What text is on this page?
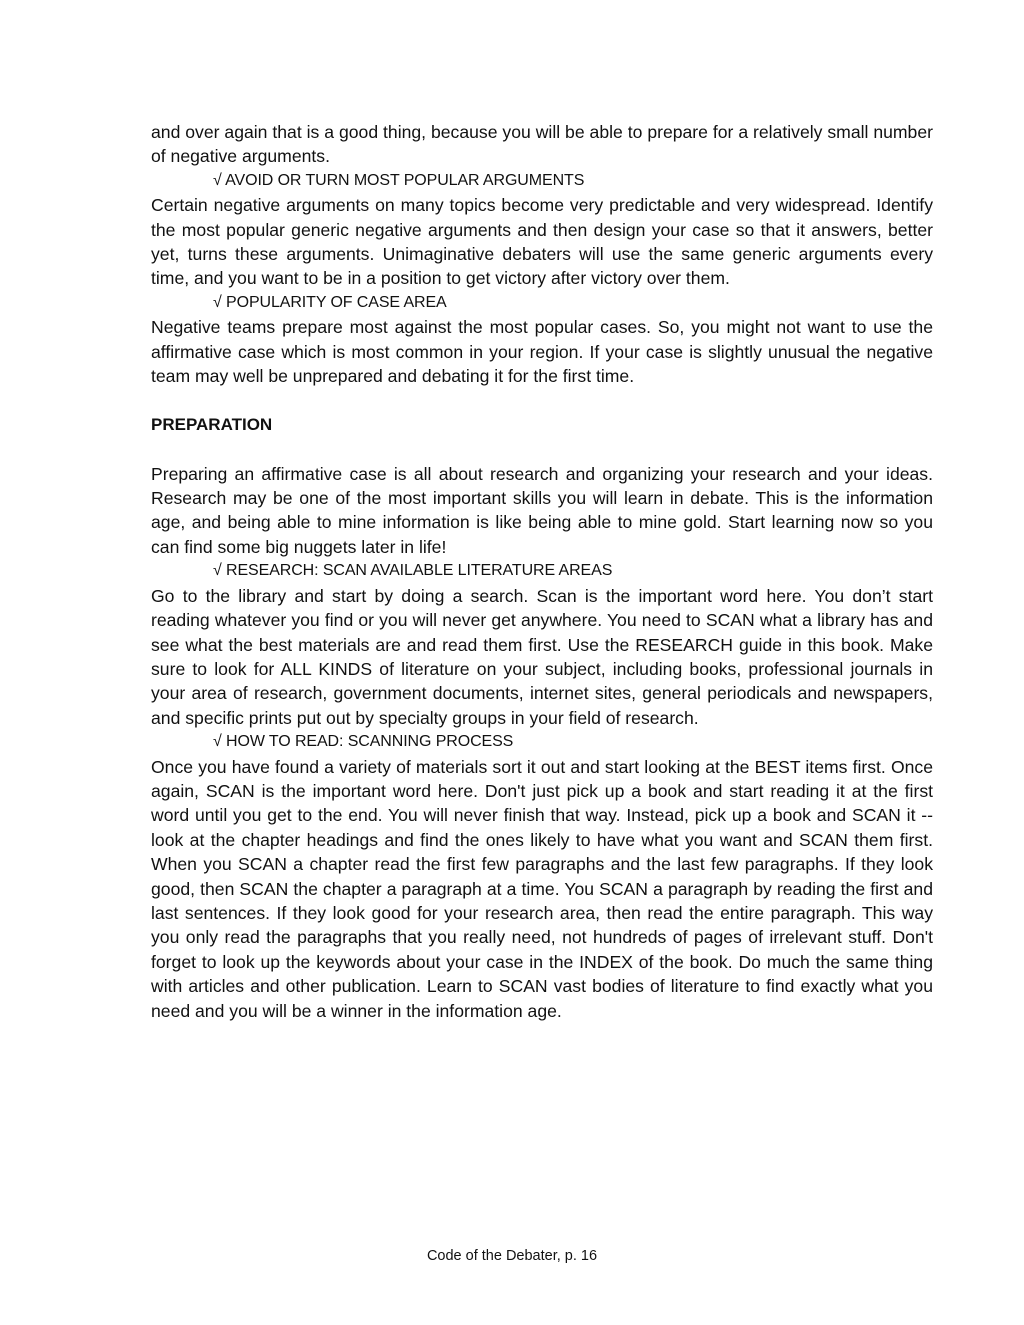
and over again that is a good thing, because you will be able to prepare for a relatively small number of negative arguments.

√ AVOID OR TURN MOST POPULAR ARGUMENTS

Certain negative arguments on many topics become very predictable and very widespread. Identify the most popular generic negative arguments and then design your case so that it answers, better yet, turns these arguments. Unimaginative debaters will use the same generic arguments every time, and you want to be in a position to get victory after victory over them.

√ POPULARITY OF CASE AREA

Negative teams prepare most against the most popular cases. So, you might not want to use the affirmative case which is most common in your region. If your case is slightly unusual the negative team may well be unprepared and debating it for the first time.

PREPARATION

Preparing an affirmative case is all about research and organizing your research and your ideas. Research may be one of the most important skills you will learn in debate. This is the information age, and being able to mine information is like being able to mine gold. Start learning now so you can find some big nuggets later in life!

√ RESEARCH: SCAN AVAILABLE LITERATURE AREAS

Go to the library and start by doing a search. Scan is the important word here. You don’t start reading whatever you find or you will never get anywhere. You need to SCAN what a library has and see what the best materials are and read them first. Use the RESEARCH guide in this book. Make sure to look for ALL KINDS of literature on your subject, including books, professional journals in your area of research, government documents, internet sites, general periodicals and newspapers, and specific prints put out by specialty groups in your field of research.

√ HOW TO READ: SCANNING PROCESS

Once you have found a variety of materials sort it out and start looking at the BEST items first. Once again, SCAN is the important word here. Don't just pick up a book and start reading it at the first word until you get to the end. You will never finish that way. Instead, pick up a book and SCAN it -- look at the chapter headings and find the ones likely to have what you want and SCAN them first. When you SCAN a chapter read the first few paragraphs and the last few paragraphs. If they look good, then SCAN the chapter a paragraph at a time. You SCAN a paragraph by reading the first and last sentences. If they look good for your research area, then read the entire paragraph. This way you only read the paragraphs that you really need, not hundreds of pages of irrelevant stuff. Don't forget to look up the keywords about your case in the INDEX of the book. Do much the same thing with articles and other publication. Learn to SCAN vast bodies of literature to find exactly what you need and you will be a winner in the information age.

Code of the Debater, p. 16
